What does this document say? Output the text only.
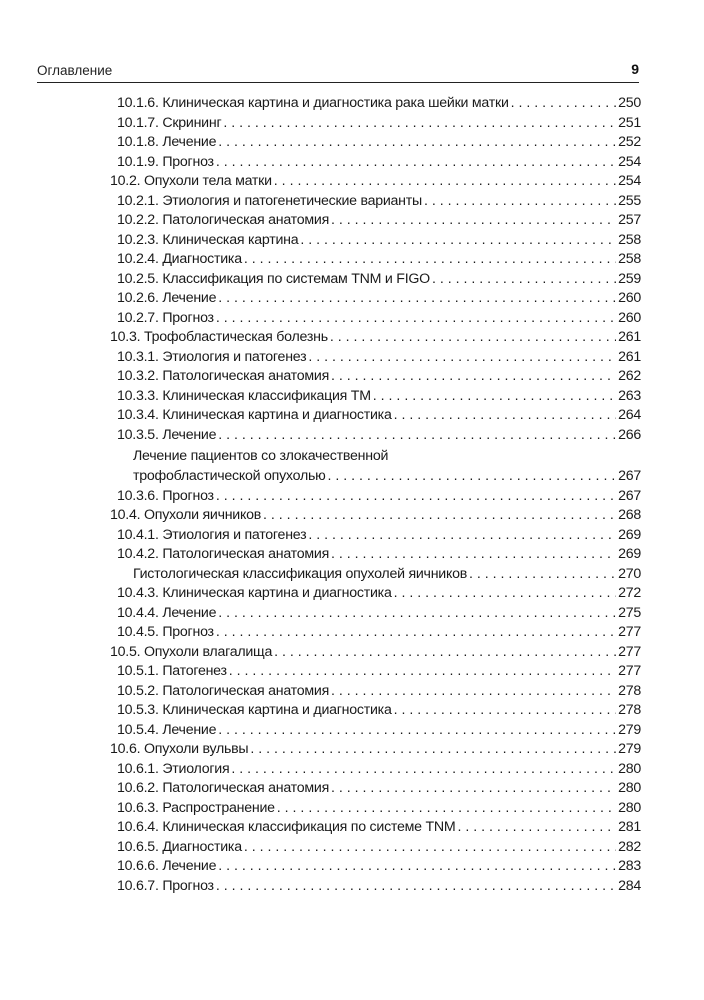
Оглавление	9
10.1.6. Клиническая картина и диагностика рака шейки матки . . .	250
10.1.7. Скрининг . . .	251
10.1.8. Лечение . . .	252
10.1.9. Прогноз . . .	254
10.2. Опухоли тела матки . . .	254
10.2.1. Этиология и патогенетические варианты . . .	255
10.2.2. Патологическая анатомия . . .	257
10.2.3. Клиническая картина . . .	258
10.2.4. Диагностика . . .	258
10.2.5. Классификация по системам TNM и FIGO . . .	259
10.2.6. Лечение . . .	260
10.2.7. Прогноз . . .	260
10.3. Трофобластическая болезнь . . .	261
10.3.1. Этиология и патогенез . . .	261
10.3.2. Патологическая анатомия . . .	262
10.3.3. Клиническая классификация ТМ . . .	263
10.3.4. Клиническая картина и диагностика . . .	264
10.3.5. Лечение . . .	266
Лечение пациентов со злокачественной
трофобластической опухолью . . .	267
10.3.6. Прогноз . . .	267
10.4. Опухоли яичников . . .	268
10.4.1. Этиология и патогенез . . .	269
10.4.2. Патологическая анатомия . . .	269
Гистологическая классификация опухолей яичников . . .	270
10.4.3. Клиническая картина и диагностика . . .	272
10.4.4. Лечение . . .	275
10.4.5. Прогноз . . .	277
10.5. Опухоли влагалища . . .	277
10.5.1. Патогенез . . .	277
10.5.2. Патологическая анатомия . . .	278
10.5.3. Клиническая картина и диагностика . . .	278
10.5.4. Лечение . . .	279
10.6. Опухоли вульвы . . .	279
10.6.1. Этиология . . .	280
10.6.2. Патологическая анатомия . . .	280
10.6.3. Распространение . . .	280
10.6.4. Клиническая классификация по системе TNM . . .	281
10.6.5. Диагностика . . .	282
10.6.6. Лечение . . .	283
10.6.7. Прогноз . . .	284
